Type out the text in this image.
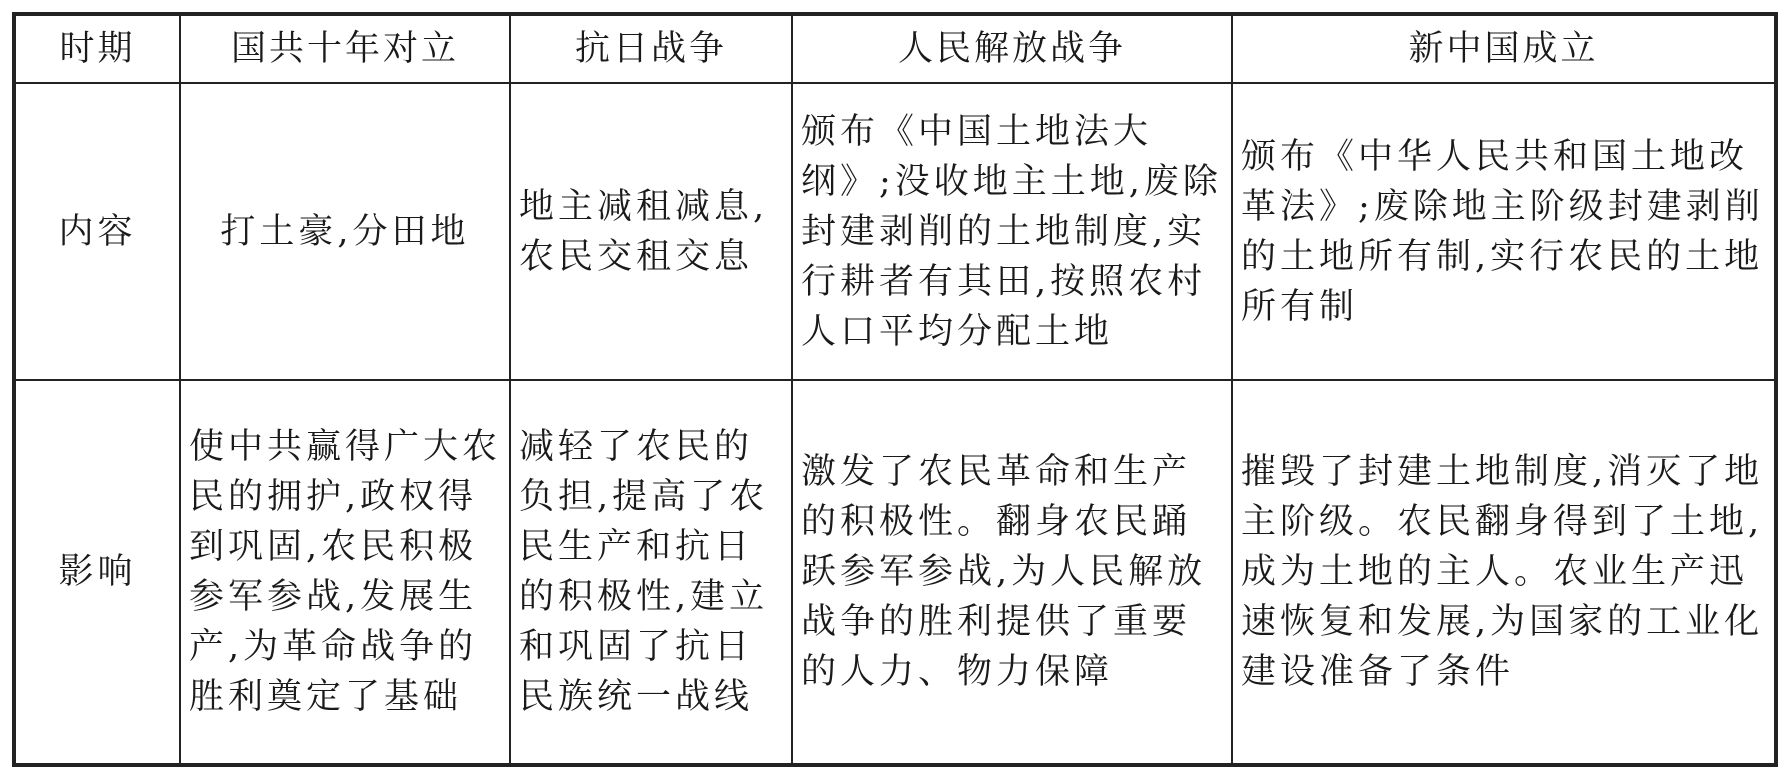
时期	国共十年对立	抗日战争	人民解放战争	新中国成立
内容	打土豪,分田地	地主减租减息,农民交租交息	颁布《中国土地法大纲》;没收地主土地,废除封建剥削的土地制度,实行耕者有其田,按照农村人口平均分配土地	颁布《中华人民共和国土地改革法》;废除地主阶级封建剥削的土地所有制,实行农民的土地所有制
影响	使中共赢得广大农民的拥护,政权得到巩固,农民积极参军参战,发展生产,为革命战争的胜利奠定了基础	减轻了农民的负担,提高了农民生产和抗日的积极性,建立和巩固了抗日民族统一战线	激发了农民革命和生产的积极性。翻身农民踊跃参军参战,为人民解放战争的胜利提供了重要的人力、物力保障	摧毁了封建土地制度,消灭了地主阶级。农民翻身得到了土地,成为土地的主人。农业生产迅速恢复和发展,为国家的工业化建设准备了条件
